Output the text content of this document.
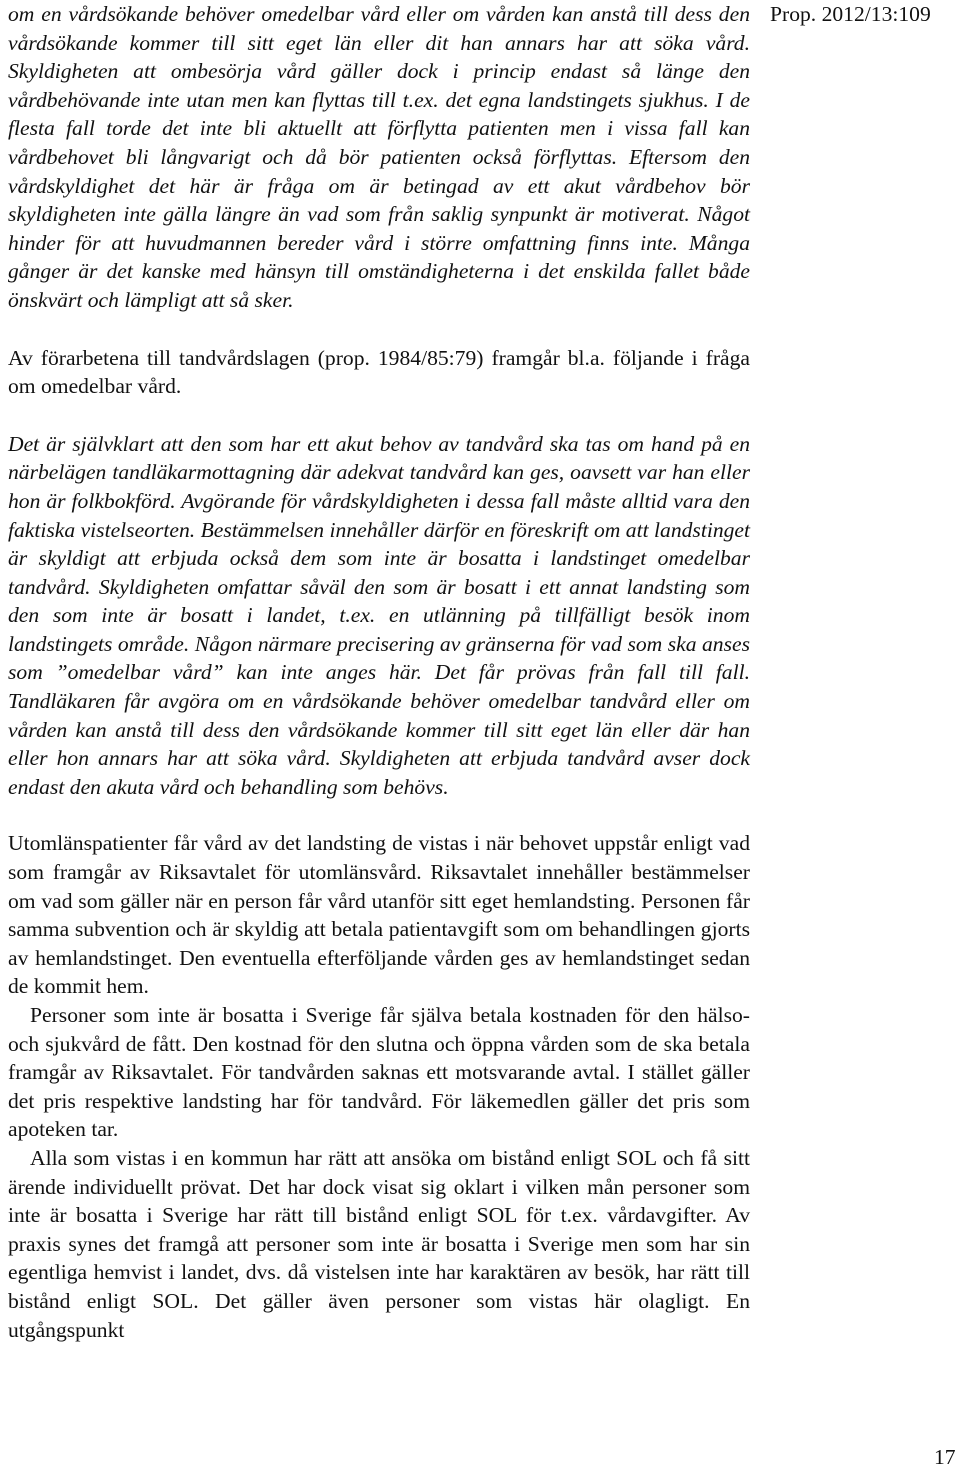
om en vårdsökande behöver omedelbar vård eller om vården kan anstå till dess den vårdsökande kommer till sitt eget län eller dit han annars har att söka vård. Skyldigheten att ombesörja vård gäller dock i princip endast så länge den vårdbehövande inte utan men kan flyttas till t.ex. det egna landstingets sjukhus. I de flesta fall torde det inte bli aktuellt att förflytta patienten men i vissa fall kan vårdbehovet bli långvarigt och då bör patienten också förflyttas. Eftersom den vårdskyldighet det här är fråga om är betingad av ett akut vårdbehov bör skyldigheten inte gälla längre än vad som från saklig synpunkt är motiverat. Något hinder för att huvudmannen bereder vård i större omfattning finns inte. Många gånger är det kanske med hänsyn till omständigheterna i det enskilda fallet både önskvärt och lämpligt att så sker.

Av förarbetena till tandvårdslagen (prop. 1984/85:79) framgår bl.a. följande i fråga om omedelbar vård.

Det är självklart att den som har ett akut behov av tandvård ska tas om hand på en närbelägen tandläkarmottagning där adekvat tandvård kan ges, oavsett var han eller hon är folkbokförd. Avgörande för vårdskyldigheten i dessa fall måste alltid vara den faktiska vistelseorten. Bestämmelsen innehåller därför en föreskrift om att landstinget är skyldigt att erbjuda också dem som inte är bosatta i landstinget omedelbar tandvård. Skyldigheten omfattar såväl den som är bosatt i ett annat landsting som den som inte är bosatt i landet, t.ex. en utlänning på tillfälligt besök inom landstingets område. Någon närmare precisering av gränserna för vad som ska anses som ”omedelbar vård” kan inte anges här. Det får prövas från fall till fall. Tandläkaren får avgöra om en vårdsökande behöver omedelbar tandvård eller om vården kan anstå till dess den vårdsökande kommer till sitt eget län eller där han eller hon annars har att söka vård. Skyldigheten att erbjuda tandvård avser dock endast den akuta vård och behandling som behövs.

Utomlänspatienter får vård av det landsting de vistas i när behovet uppstår enligt vad som framgår av Riksavtalet för utomlänsvård. Riksavtalet innehåller bestämmelser om vad som gäller när en person får vård utanför sitt eget hemlandsting. Personen får samma subvention och är skyldig att betala patientavgift som om behandlingen gjorts av hemlandstinget. Den eventuella efterföljande vården ges av hemlandstinget sedan de kommit hem.

Personer som inte är bosatta i Sverige får själva betala kostnaden för den hälso- och sjukvård de fått. Den kostnad för den slutna och öppna vården som de ska betala framgår av Riksavtalet. För tandvården saknas ett motsvarande avtal. I stället gäller det pris respektive landsting har för tandvård. För läkemedlen gäller det pris som apoteken tar.

Alla som vistas i en kommun har rätt att ansöka om bistånd enligt SOL och få sitt ärende individuellt prövat. Det har dock visat sig oklart i vilken mån personer som inte är bosatta i Sverige har rätt till bistånd enligt SOL för t.ex. vårdavgifter. Av praxis synes det framgå att personer som inte är bosatta i Sverige men som har sin egentliga hemvist i landet, dvs. då vistelsen inte har karaktären av besök, har rätt till bistånd enligt SOL. Det gäller även personer som vistas här olagligt. En utgångspunkt

Prop. 2012/13:109
17
